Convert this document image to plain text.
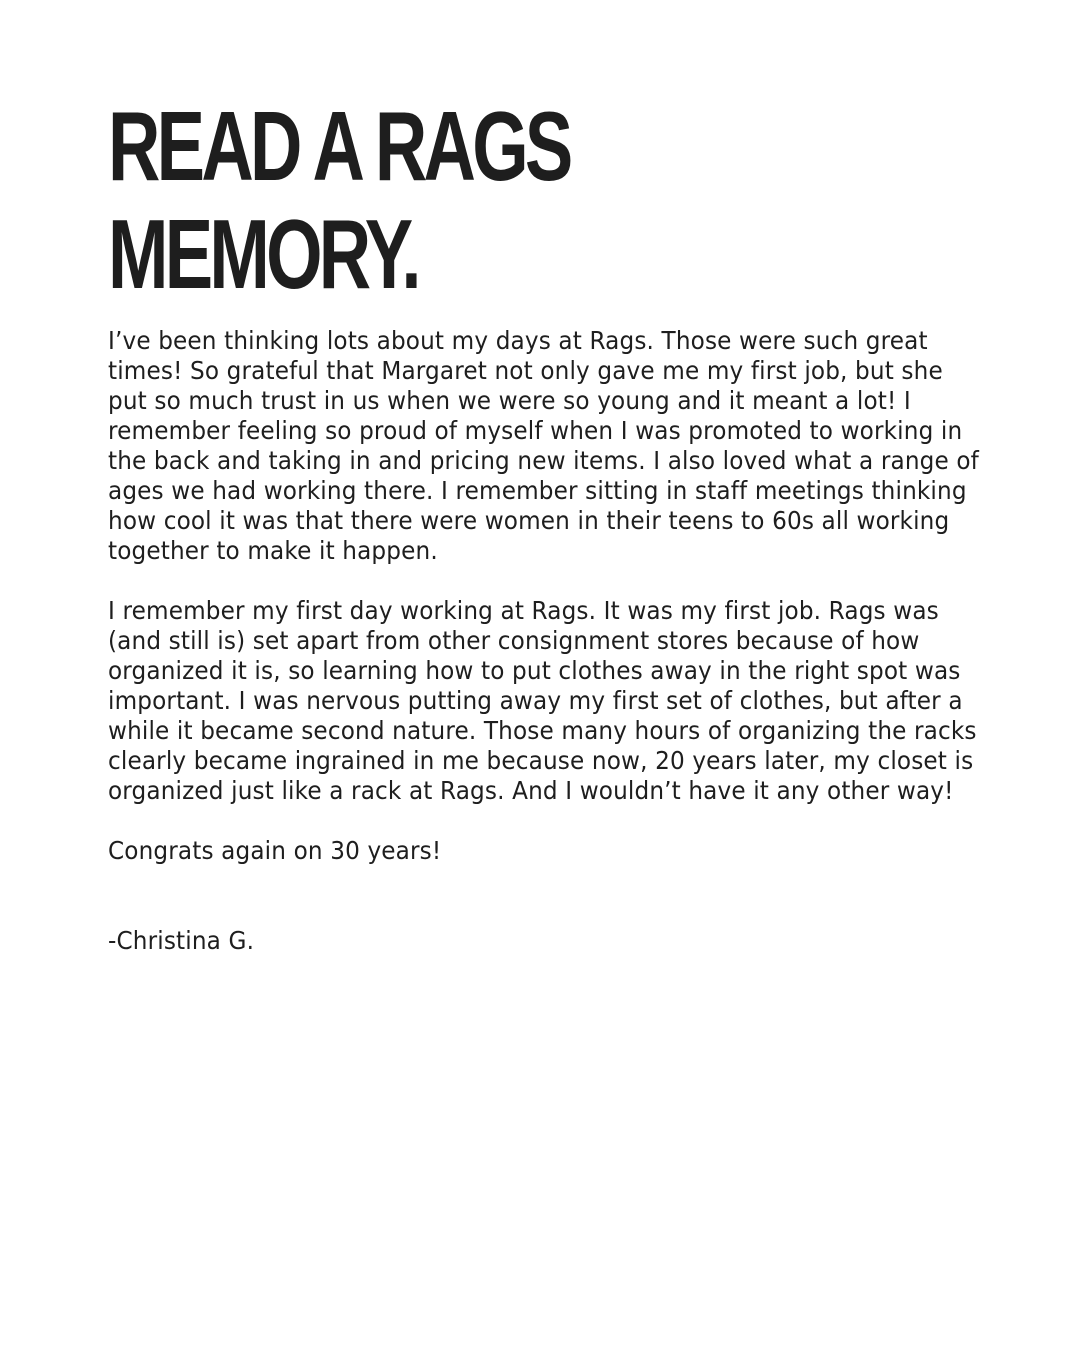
READ A RAGS
MEMORY.

I’ve been thinking lots about my days at Rags. Those were such great times! So grateful that Margaret not only gave me my first job, but she put so much trust in us when we were so young and it meant a lot! I remember feeling so proud of myself when I was promoted to working in the back and taking in and pricing new items. I also loved what a range of ages we had working there. I remember sitting in staff meetings thinking how cool it was that there were women in their teens to 60s all working together to make it happen.

I remember my first day working at Rags. It was my first job. Rags was (and still is) set apart from other consignment stores because of how organized it is, so learning how to put clothes away in the right spot was important. I was nervous putting away my first set of clothes, but after a while it became second nature. Those many hours of organizing the racks clearly became ingrained in me because now, 20 years later, my closet is organized just like a rack at Rags. And I wouldn’t have it any other way!

Congrats again on 30 years!

-Christina G.
